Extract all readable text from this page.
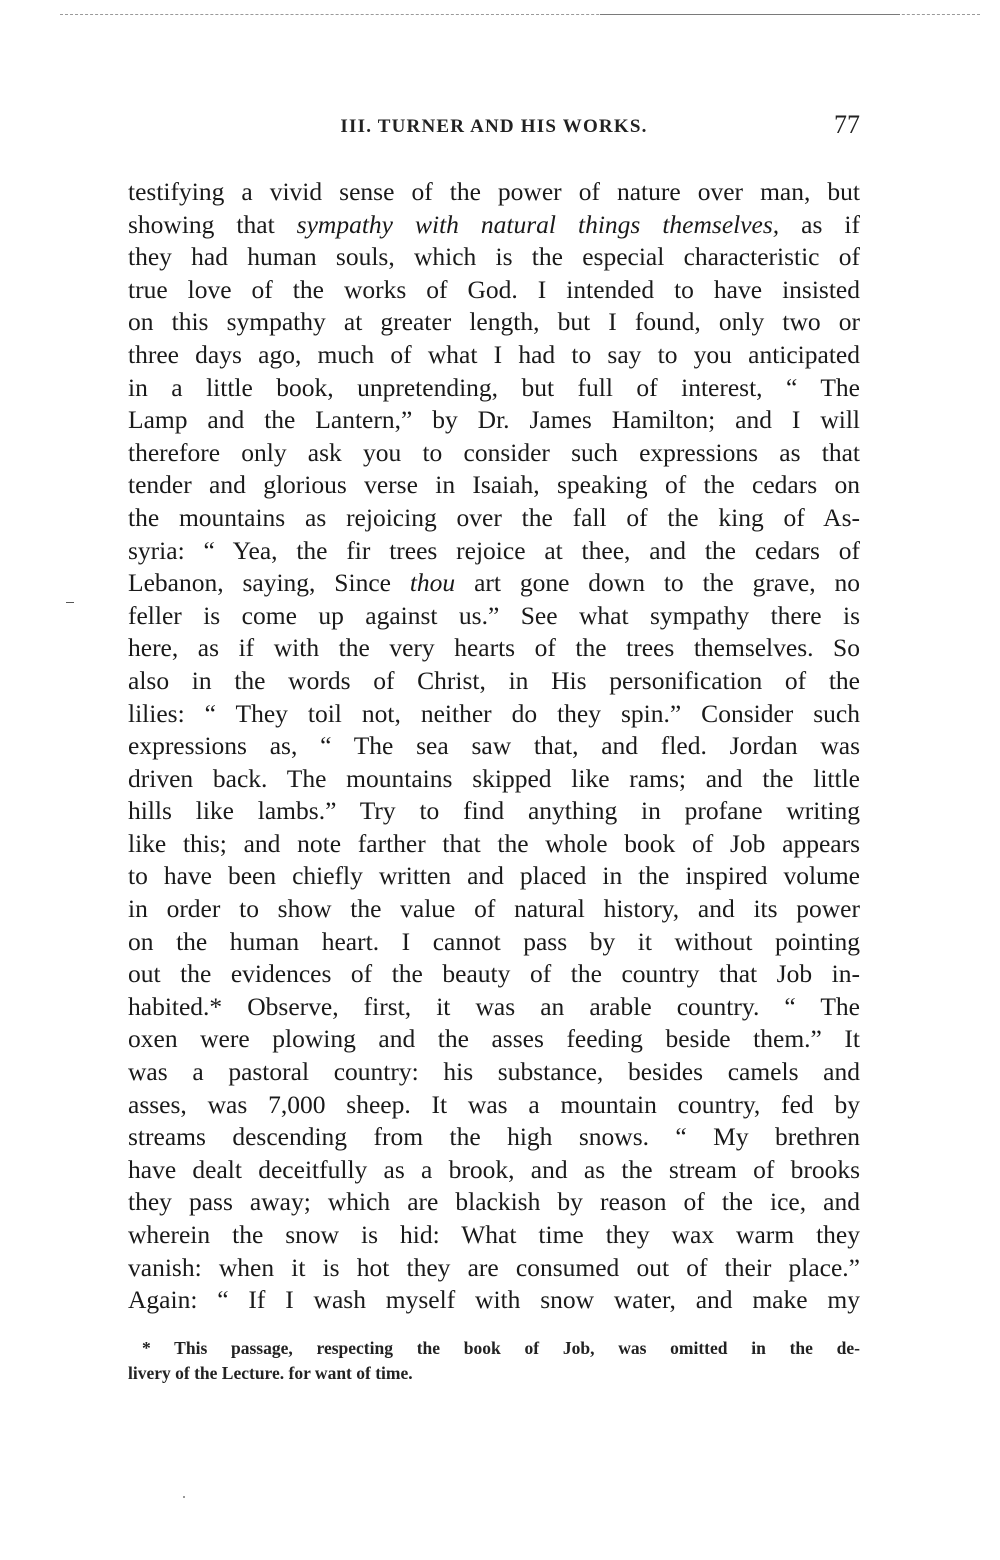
III. TURNER AND HIS WORKS.	77
testifying a vivid sense of the power of nature over man, but
showing that sympathy with natural things themselves, as if
they had human souls, which is the especial characteristic of
true love of the works of God. I intended to have insisted
on this sympathy at greater length, but I found, only two or
three days ago, much of what I had to say to you anticipated
in a little book, unpretending, but full of interest, “ The
Lamp and the Lantern,” by Dr. James Hamilton; and I will
therefore only ask you to consider such expressions as that
tender and glorious verse in Isaiah, speaking of the cedars on
the mountains as rejoicing over the fall of the king of As-
syria: “ Yea, the fir trees rejoice at thee, and the cedars of
Lebanon, saying, Since thou art gone down to the grave, no
feller is come up against us.” See what sympathy there is
here, as if with the very hearts of the trees themselves. So
also in the words of Christ, in His personification of the
lilies: “ They toil not, neither do they spin.” Consider such
expressions as, “ The sea saw that, and fled. Jordan was
driven back. The mountains skipped like rams; and the little
hills like lambs.” Try to find anything in profane writing
like this; and note farther that the whole book of Job appears
to have been chiefly written and placed in the inspired volume
in order to show the value of natural history, and its power
on the human heart. I cannot pass by it without pointing
out the evidences of the beauty of the country that Job in-
habited.* Observe, first, it was an arable country. “ The
oxen were plowing and the asses feeding beside them.” It
was a pastoral country: his substance, besides camels and
asses, was 7,000 sheep. It was a mountain country, fed by
streams descending from the high snows. “ My brethren
have dealt deceitfully as a brook, and as the stream of brooks
they pass away; which are blackish by reason of the ice, and
wherein the snow is hid: What time they wax warm they
vanish: when it is hot they are consumed out of their place.”
Again: “ If I wash myself with snow water, and make my
* This passage, respecting the book of Job, was omitted in the de-
livery of the Lecture. for want of time.
